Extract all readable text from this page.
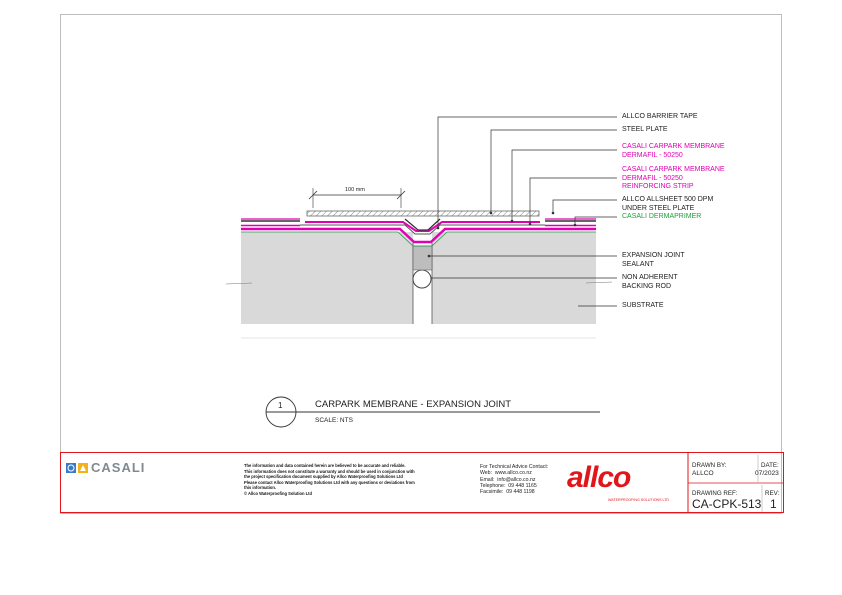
100 mm
ALLCO BARRIER TAPE
STEEL PLATE
CASALI CARPARK MEMBRANE
DERMAFIL - 50250
CASALI CARPARK MEMBRANE
DERMAFIL - 50250
REINFORCING STRIP
ALLCO ALLSHEET 500 DPM
UNDER STEEL PLATE
CASALI DERMAPRIMER
EXPANSION JOINT
SEALANT
NON ADHERENT
BACKING ROD
SUBSTRATE
1	CARPARK MEMBRANE - EXPANSION JOINT
SCALE: NTS
CASALI	The information and data contained herein are believed to be accurate and reliable.
This information does not constitute a warranty and should be used in conjunction with
the project specification document supplied by Allco Waterproofing Solutions Ltd
Please contact Allco Waterproofing Solutions Ltd with any questions or deviations from
this information.
© Allco Waterproofing Solution Ltd
For Technical Advice Contact:
Web:  www.allco.co.nz
Email:  info@allco.co.nz
Telephone:  09 448 1165
Facsimile:  09 448 1198	allco
WATERPROOFING SOLUTIONS LTD
DRAWN BY:
ALLCO
DATE:
07/2023
DRAWING REF:
CA-CPK-513
REV:
1
